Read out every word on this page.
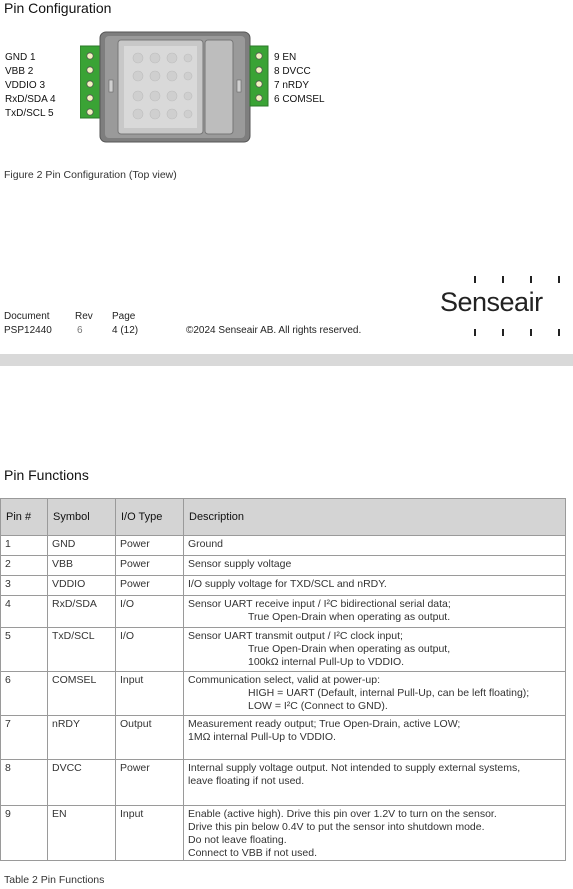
Pin Configuration
GND 1
VBB 2
VDDIO 3
RxD/SDA 4
TxD/SCL 5
9 EN
8 DVCC
7 nRDY
6 COMSEL
Figure 2 Pin Configuration (Top view)
Document
PSP12440
Rev
6
Page
4 (12)	©2024 Senseair AB. All rights reserved.
Senseair
Pin Functions
Pin #	Symbol	I/O Type	Description
1	GND	Power	Ground

2	VBB	Power	Sensor supply voltage

3	VDDIO	Power	I/O supply voltage for TXD/SCL and nRDY.

4	RxD/SDA	I/O	Sensor UART receive input / I²C bidirectional serial data;
True Open-Drain when operating as output.

5	TxD/SCL	I/O	Sensor UART transmit output / I²C clock input;
True Open-Drain when operating as output,
100kΩ internal Pull-Up to VDDIO.

6	COMSEL	Input	Communication select, valid at power-up:
HIGH = UART (Default, internal Pull-Up, can be left floating);
LOW = I²C (Connect to GND).

7	nRDY	Output	Measurement ready output; True Open-Drain, active LOW;
1MΩ internal Pull-Up to VDDIO.

8	DVCC	Power	Internal supply voltage output. Not intended to supply external systems,
leave floating if not used.

9	EN	Input	Enable (active high). Drive this pin over 1.2V to turn on the sensor.
Drive this pin below 0.4V to put the sensor into shutdown mode.
Do not leave floating.
Connect to VBB if not used.
Table 2 Pin Functions
